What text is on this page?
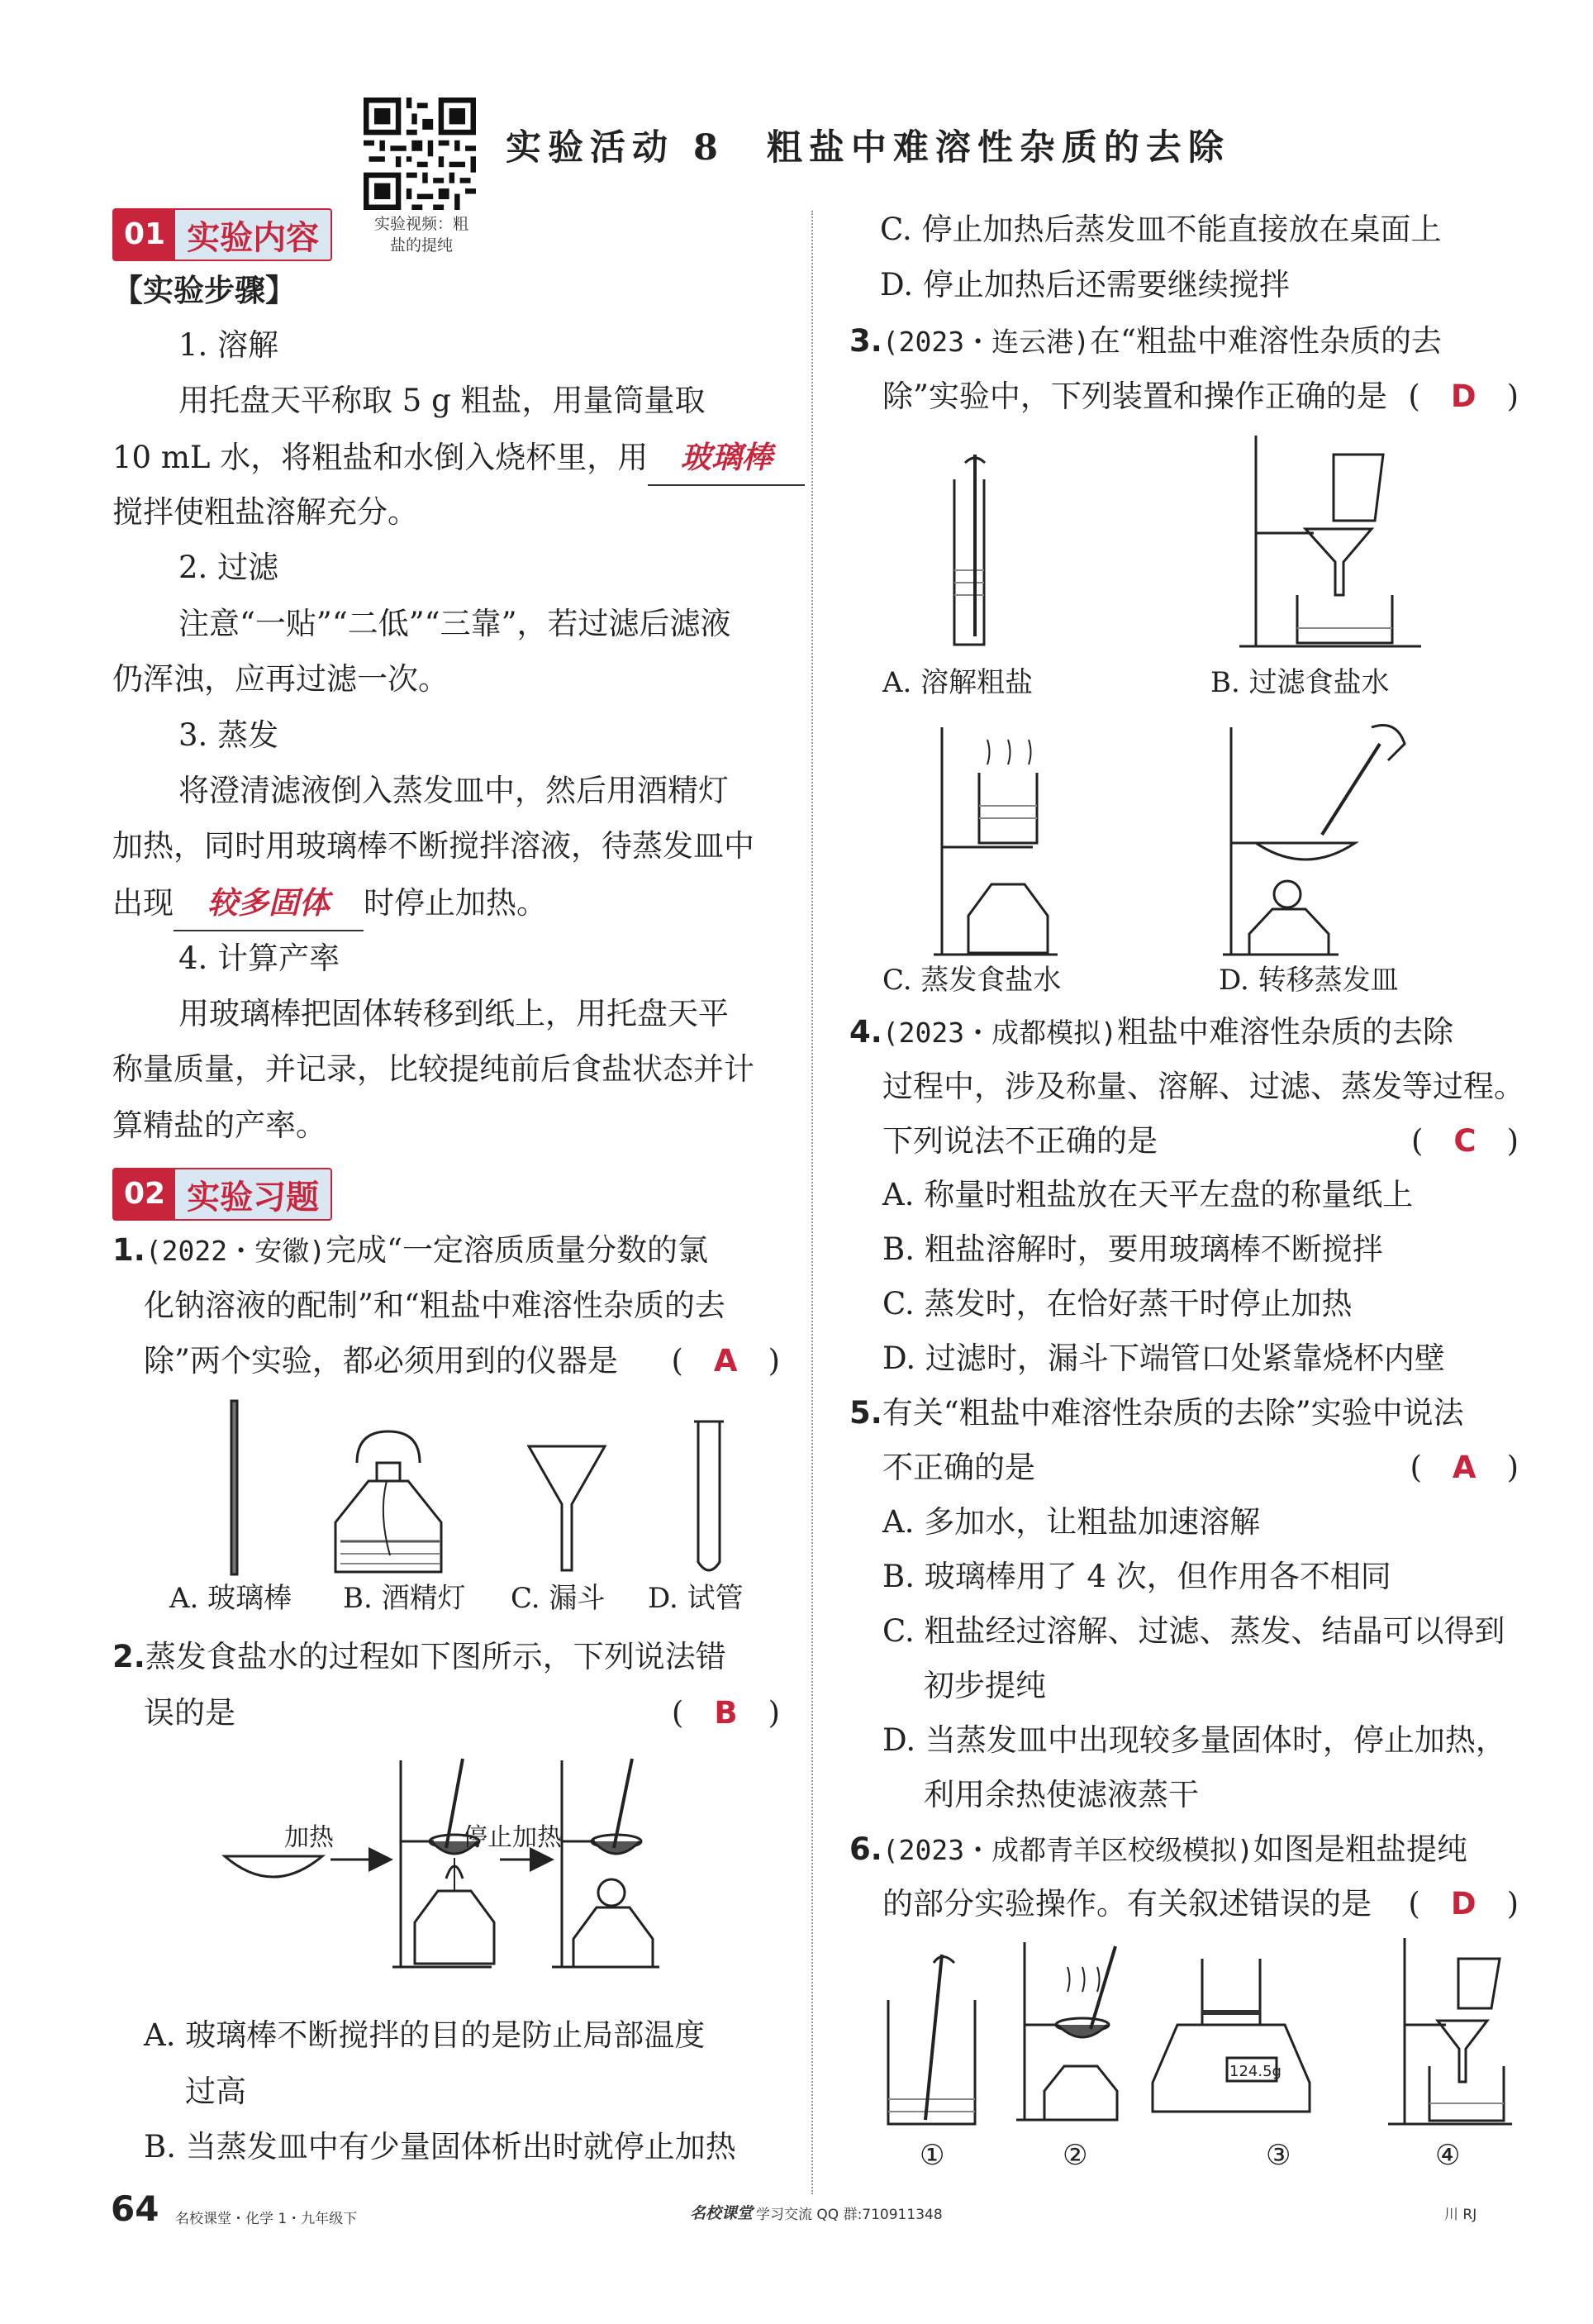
实验视频：粗
盐的提纯
实验活动 8　粗盐中难溶性杂质的去除
01 实验内容
【实验步骤】
1. 溶解
用托盘天平称取 5 g 粗盐，用量筒量取
10 mL 水，将粗盐和水倒入烧杯里，用 玻璃棒
搅拌使粗盐溶解充分。
2. 过滤
注意“一贴”“二低”“三靠”，若过滤后滤液
仍浑浊，应再过滤一次。
3. 蒸发
将澄清滤液倒入蒸发皿中，然后用酒精灯
加热，同时用玻璃棒不断搅拌溶液，待蒸发皿中
出现 较多固体 时停止加热。
4. 计算产率
用玻璃棒把固体转移到纸上，用托盘天平
称量质量，并记录，比较提纯前后食盐状态并计
算精盐的产率。
02 实验习题
1.(2022・安徽)完成“一定溶质质量分数的氯
化钠溶液的配制”和“粗盐中难溶性杂质的去
除”两个实验，都必须用到的仪器是 (　 A　 )
A. 玻璃棒 B. 酒精灯 C. 漏斗 D. 试管
2.蒸发食盐水的过程如下图所示，下列说法错
误的是	(　 B　 )
加热	停止加热
A. 玻璃棒不断搅拌的目的是防止局部温度
过高
B. 当蒸发皿中有少量固体析出时就停止加热
C. 停止加热后蒸发皿不能直接放在桌面上
D. 停止加热后还需要继续搅拌
3.(2023・连云港)在“粗盐中难溶性杂质的去
除”实验中，下列装置和操作正确的是 (　 D　 )
A. 溶解粗盐	B. 过滤食盐水
C. 蒸发食盐水	D. 转移蒸发皿
4.(2023・成都模拟)粗盐中难溶性杂质的去除
过程中，涉及称量、溶解、过滤、蒸发等过程。
下列说法不正确的是	(　 C　 )
A. 称量时粗盐放在天平左盘的称量纸上
B. 粗盐溶解时，要用玻璃棒不断搅拌
C. 蒸发时，在恰好蒸干时停止加热
D. 过滤时，漏斗下端管口处紧靠烧杯内壁
5.有关“粗盐中难溶性杂质的去除”实验中说法
不正确的是	(　 A　 )
A. 多加水，让粗盐加速溶解
B. 玻璃棒用了 4 次，但作用各不相同
C. 粗盐经过溶解、过滤、蒸发、结晶可以得到
初步提纯
D. 当蒸发皿中出现较多量固体时，停止加热，
利用余热使滤液蒸干
6.(2023・成都青羊区校级模拟)如图是粗盐提纯
的部分实验操作。有关叙述错误的是 (　 D　 )
124.5g
①	②	③	④
64 名校课堂・化学 1・九年级下	名校课堂 学习交流 QQ 群:710911348	川 RJ
